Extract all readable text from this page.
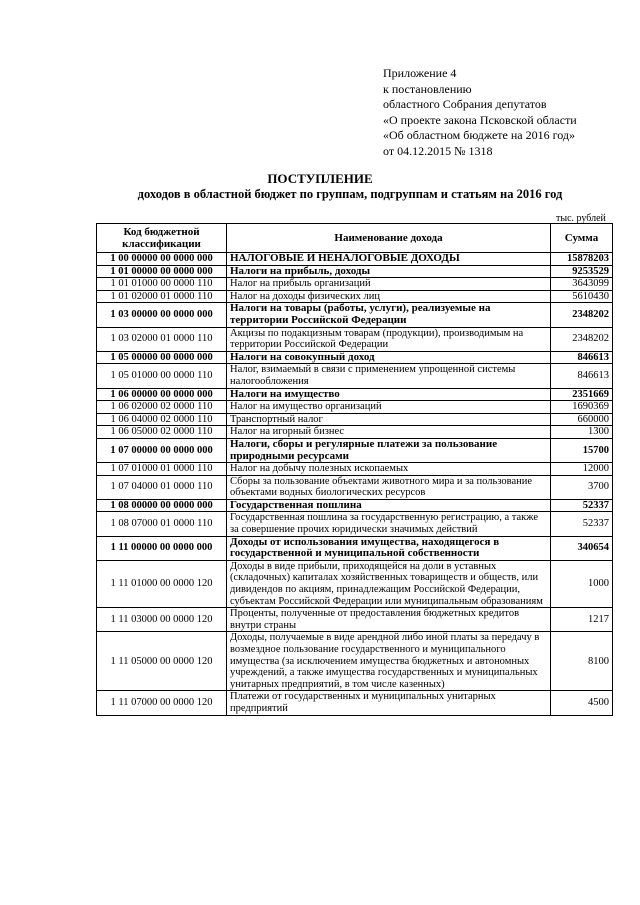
Приложение 4
к постановлению
областного Собрания депутатов
«О проекте закона Псковской области
«Об областном бюджете на 2016 год»
от 04.12.2015 № 1318
ПОСТУПЛЕНИЕ
доходов в областной бюджет по группам, подгруппам и статьям на 2016 год
тыс. рублей
Код бюджетной классификации	Наименование дохода	Сумма
1 00 00000 00 0000 000	НАЛОГОВЫЕ И НЕНАЛОГОВЫЕ ДОХОДЫ	15878203
1 01 00000 00 0000 000	Налоги на прибыль, доходы	9253529
1 01 01000 00 0000 110	Налог на прибыль организаций	3643099
1 01 02000 01 0000 110	Налог на доходы физических лиц	5610430
1 03 00000 00 0000 000	Налоги на товары (работы, услуги), реализуемые на территории Российской Федерации	2348202
1 03 02000 01 0000 110	Акцизы по подакцизным товарам (продукции), производимым на территории Российской Федерации	2348202
1 05 00000 00 0000 000	Налоги на совокупный доход	846613
1 05 01000 00 0000 110	Налог, взимаемый в связи с применением упрощенной системы налогообложения	846613
1 06 00000 00 0000 000	Налоги на имущество	2351669
1 06 02000 02 0000 110	Налог на имущество организаций	1690369
1 06 04000 02 0000 110	Транспортный налог	660000
1 06 05000 02 0000 110	Налог на игорный бизнес	1300
1 07 00000 00 0000 000	Налоги, сборы и регулярные платежи за пользование природными ресурсами	15700
1 07 01000 01 0000 110	Налог на добычу полезных ископаемых	12000
1 07 04000 01 0000 110	Сборы за пользование объектами животного мира и за пользование объектами водных биологических ресурсов	3700
1 08 00000 00 0000 000	Государственная пошлина	52337
1 08 07000 01 0000 110	Государственная пошлина за государственную регистрацию, а также за совершение прочих юридически значимых действий	52337
1 11 00000 00 0000 000	Доходы от использования имущества, находящегося в государственной и муниципальной собственности	340654
1 11 01000 00 0000 120	Доходы в виде прибыли, приходящейся на доли в уставных (складочных) капиталах хозяйственных товариществ и обществ, или дивидендов по акциям, принадлежащим Российской Федерации, субъектам Российской Федерации или муниципальным образованиям	1000
1 11 03000 00 0000 120	Проценты, полученные от предоставления бюджетных кредитов внутри страны	1217
1 11 05000 00 0000 120	Доходы, получаемые в виде арендной либо иной платы за передачу в возмездное пользование государственного и муниципального имущества (за исключением имущества бюджетных и автономных учреждений, а также имущества государственных и муниципальных унитарных предприятий, в том числе казенных)	8100
1 11 07000 00 0000 120	Платежи от государственных и муниципальных унитарных предприятий	4500
